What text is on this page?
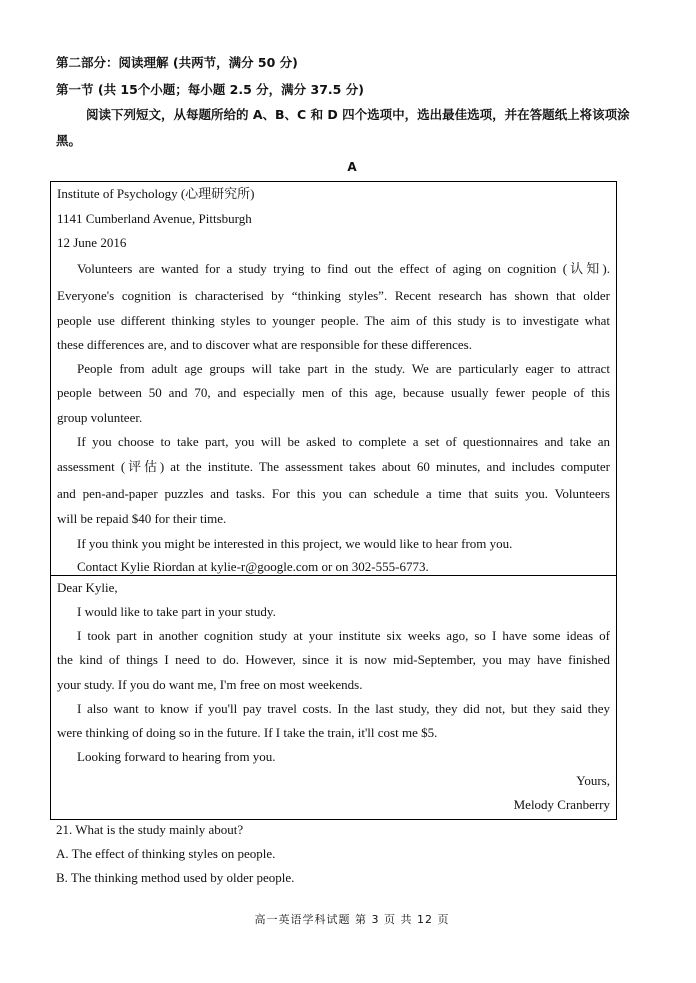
第二部分：阅读理解 (共两节，满分 50 分)
第一节 (共 15个小题；每小题 2.5 分，满分 37.5 分)
阅读下列短文，从每题所给的 A、B、C 和 D 四个选项中，选出最佳选项，并在答题纸上将该项涂黑。
A
Institute of Psychology (心理研究所)
1141 Cumberland Avenue, Pittsburgh
12 June 2016
Volunteers are wanted for a study trying to find out the effect of aging on cognition (认知).
Everyone's cognition is characterised by “thinking styles”. Recent research has shown that older
people use different thinking styles to younger people. The aim of this study is to investigate what
these differences are, and to discover what are responsible for these differences.
People from adult age groups will take part in the study. We are particularly eager to attract
people between 50 and 70, and especially men of this age, because usually fewer people of this
group volunteer.
If you choose to take part, you will be asked to complete a set of questionnaires and take an
assessment (评估) at the institute. The assessment takes about 60 minutes, and includes computer
and pen-and-paper puzzles and tasks. For this you can schedule a time that suits you. Volunteers
will be repaid $40 for their time.
If you think you might be interested in this project, we would like to hear from you.
Contact Kylie Riordan at kylie-r@google.com or on 302-555-6773.
Dear Kylie,
I would like to take part in your study.
I took part in another cognition study at your institute six weeks ago, so I have some ideas of
the kind of things I need to do. However, since it is now mid-September, you may have finished
your study. If you do want me, I'm free on most weekends.
I also want to know if you'll pay travel costs. In the last study, they did not, but they said they
were thinking of doing so in the future. If I take the train, it'll cost me $5.
Looking forward to hearing from you.
Yours,
Melody Cranberry
21. What is the study mainly about?
A. The effect of thinking styles on people.
B. The thinking method used by older people.
高一英语学科试题 第 3 页 共 12 页
